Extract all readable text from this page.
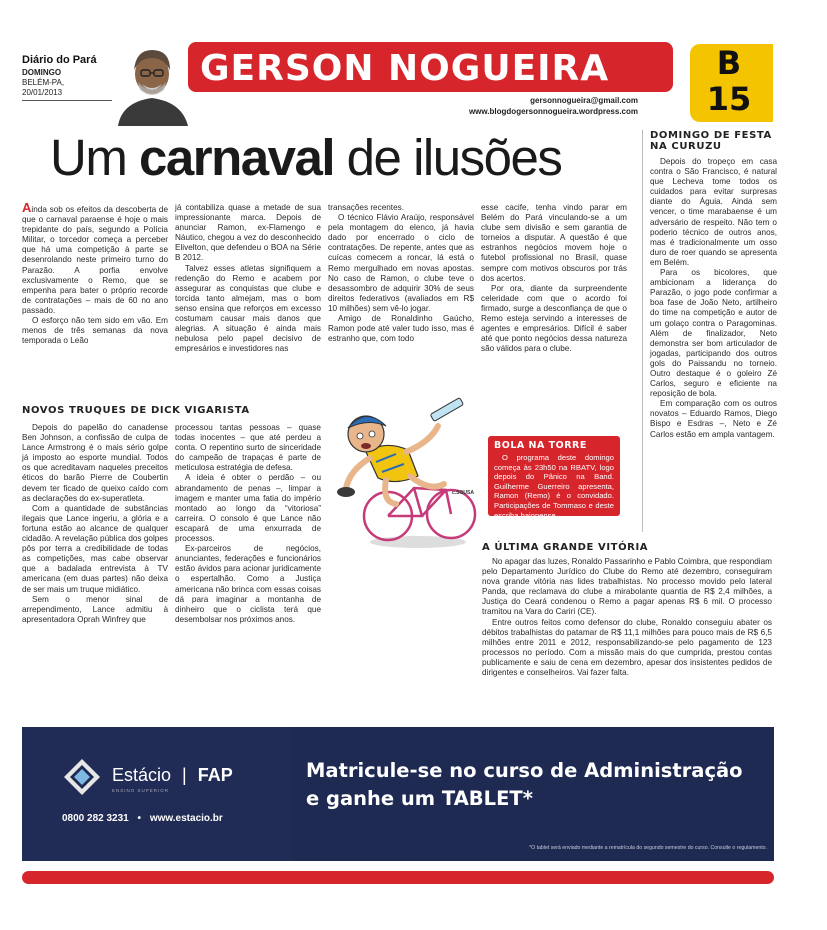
Diário do Pará
DOMINGO
BELÉM-PA,
20/01/2013
GERSON NOGUEIRA
gersonnogueira@gmail.com
www.blogdogersonnogueira.wordpress.com
B
15
Um carnaval de ilusões

Ainda sob os efeitos da descoberta de que o carnaval paraense é hoje o mais trepidante do país, segundo a Polícia Militar, o torcedor começa a perceber que há uma competição à parte se desenrolando neste primeiro turno do Parazão. A porfia envolve exclusivamente o Remo, que se empenha para bater o próprio recorde de contratações – mais de 60 no ano passado.

O esforço não tem sido em vão. Em menos de três semanas da nova temporada o Leão

já contabiliza quase a metade de sua impressionante marca. Depois de anunciar Ramon, ex-Flamengo e Náutico, chegou a vez do desconhecido Elivelton, que defendeu o BOA na Série B 2012.

Talvez esses atletas signifiquem a redenção do Remo e acabem por assegurar as conquistas que clube e torcida tanto almejam, mas o bom senso ensina que reforços em excesso costumam causar mais danos que alegrias. A situação é ainda mais nebulosa pelo papel decisivo de empresários e investidores nas

transações recentes.

O técnico Flávio Araújo, responsável pela montagem do elenco, já havia dado por encerrado o ciclo de contratações. De repente, antes que as cuícas comecem a roncar, lá está o Remo mergulhado em novas apostas. No caso de Ramon, o clube teve o desassombro de adquirir 30% de seus direitos federativos (avaliados em R$ 10 milhões) sem vê-lo jogar.

Amigo de Ronaldinho Gaúcho, Ramon pode até valer tudo isso, mas é estranho que, com todo

esse cacife, tenha vindo parar em Belém do Pará vinculando-se a um clube sem divisão e sem garantia de torneios a disputar. A questão é que estranhos negócios movem hoje o futebol profissional no Brasil, quase sempre com motivos obscuros por trás dos acertos.

Por ora, diante da surpreendente celeridade com que o acordo foi firmado, surge a desconfiança de que o Remo esteja servindo a interesses de agentes e empresários. Difícil é saber até que ponto negócios dessa natureza são válidos para o clube.

DOMINGO DE FESTA
NA CURUZU

Depois do tropeço em casa contra o São Francisco, é natural que Lecheva tome todos os cuidados para evitar surpresas diante do Águia. Ainda sem vencer, o time marabaense é um adversário de respeito. Não tem o poderio técnico de outros anos, mas é tradicionalmente um osso duro de roer quando se apresenta em Belém.

Para os bicolores, que ambicionam a liderança do Parazão, o jogo pode confirmar a boa fase de João Neto, artilheiro do time na competição e autor de um golaço contra o Paragominas. Além de finalizador, Neto demonstra ser bom articulador de jogadas, participando dos outros gols do Paissandu no torneio. Outro destaque é o goleiro Zé Carlos, seguro e eficiente na reposição de bola.

Em comparação com os outros novatos – Eduardo Ramos, Diego Bispo e Esdras –, Neto e Zé Carlos estão em ampla vantagem.

NOVOS TRUQUES DE DICK VIGARISTA

Depois do papelão do canadense Ben Johnson, a confissão de culpa de Lance Armstrong é o mais sério golpe já imposto ao esporte mundial. Todos os que acreditavam naqueles preceitos éticos do barão Pierre de Coubertin devem ter ficado de queixo caído com as declarações do ex-superatleta.

Com a quantidade de substâncias ilegais que Lance ingeriu, a glória e a fortuna estão ao alcance de qualquer cidadão. A revelação pública dos golpes pôs por terra a credibilidade de todas as competições, mas cabe observar que a badalada entrevista à TV americana (em duas partes) não deixa de ser mais um truque midiático.

Sem o menor sinal de arrependimento, Lance admitiu à apresentadora Oprah Winfrey que

processou tantas pessoas – quase todas inocentes – que até perdeu a conta. O repentino surto de sinceridade do campeão de trapaças é parte de meticulosa estratégia de defesa.

A ideia é obter o perdão – ou abrandamento de penas –, limpar a imagem e manter uma fatia do império montado ao longo da “vitoriosa” carreira. O consolo é que Lance não escapará de uma enxurrada de processos.

Ex-parceiros de negócios, anunciantes, federações e funcionários estão ávidos para acionar juridicamente o espertalhão. Como a Justiça americana não brinca com essas coisas dá para imaginar a montanha de dinheiro que o ciclista terá que desembolsar nos próximos anos.

c.SOUSA
BOLA NA TORRE
O programa deste domingo começa às 23h50 na RBATV, logo depois do Pânico na Band. Guilherme Guerreiro apresenta, Ramon (Remo) é o convidado. Participações de Tommaso e deste escriba baionense.
A ÚLTIMA GRANDE VITÓRIA

No apagar das luzes, Ronaldo Passarinho e Pablo Coimbra, que respondiam pelo Departamento Jurídico do Clube do Remo até dezembro, conseguiram nova grande vitória nas lides trabalhistas. No processo movido pelo lateral Panda, que reclamava do clube a mirabolante quantia de R$ 2,4 milhões, a Justiça do Ceará condenou o Remo a pagar apenas R$ 6 mil. O processo tramitou na Vara do Cariri (CE).

Entre outros feitos como defensor do clube, Ronaldo conseguiu abater os débitos trabalhistas do patamar de R$ 11,1 milhões para pouco mais de R$ 6,5 milhões entre 2011 e 2012, responsabilizando-se pelo pagamento de 123 processos no período. Com a missão mais do que cumprida, prestou contas publicamente e saiu de cena em dezembro, apesar dos insistentes pedidos de dirigentes e conselheiros. Vai fazer falta.

Estácio | FAP
ENSINO SUPERIOR
0800 282 3231 • www.estacio.br
Matricule-se no curso de Administração
e ganhe um TABLET*
*O tablet será enviado mediante a rematrícula do segundo semestre do curso. Consulte o regulamento.
